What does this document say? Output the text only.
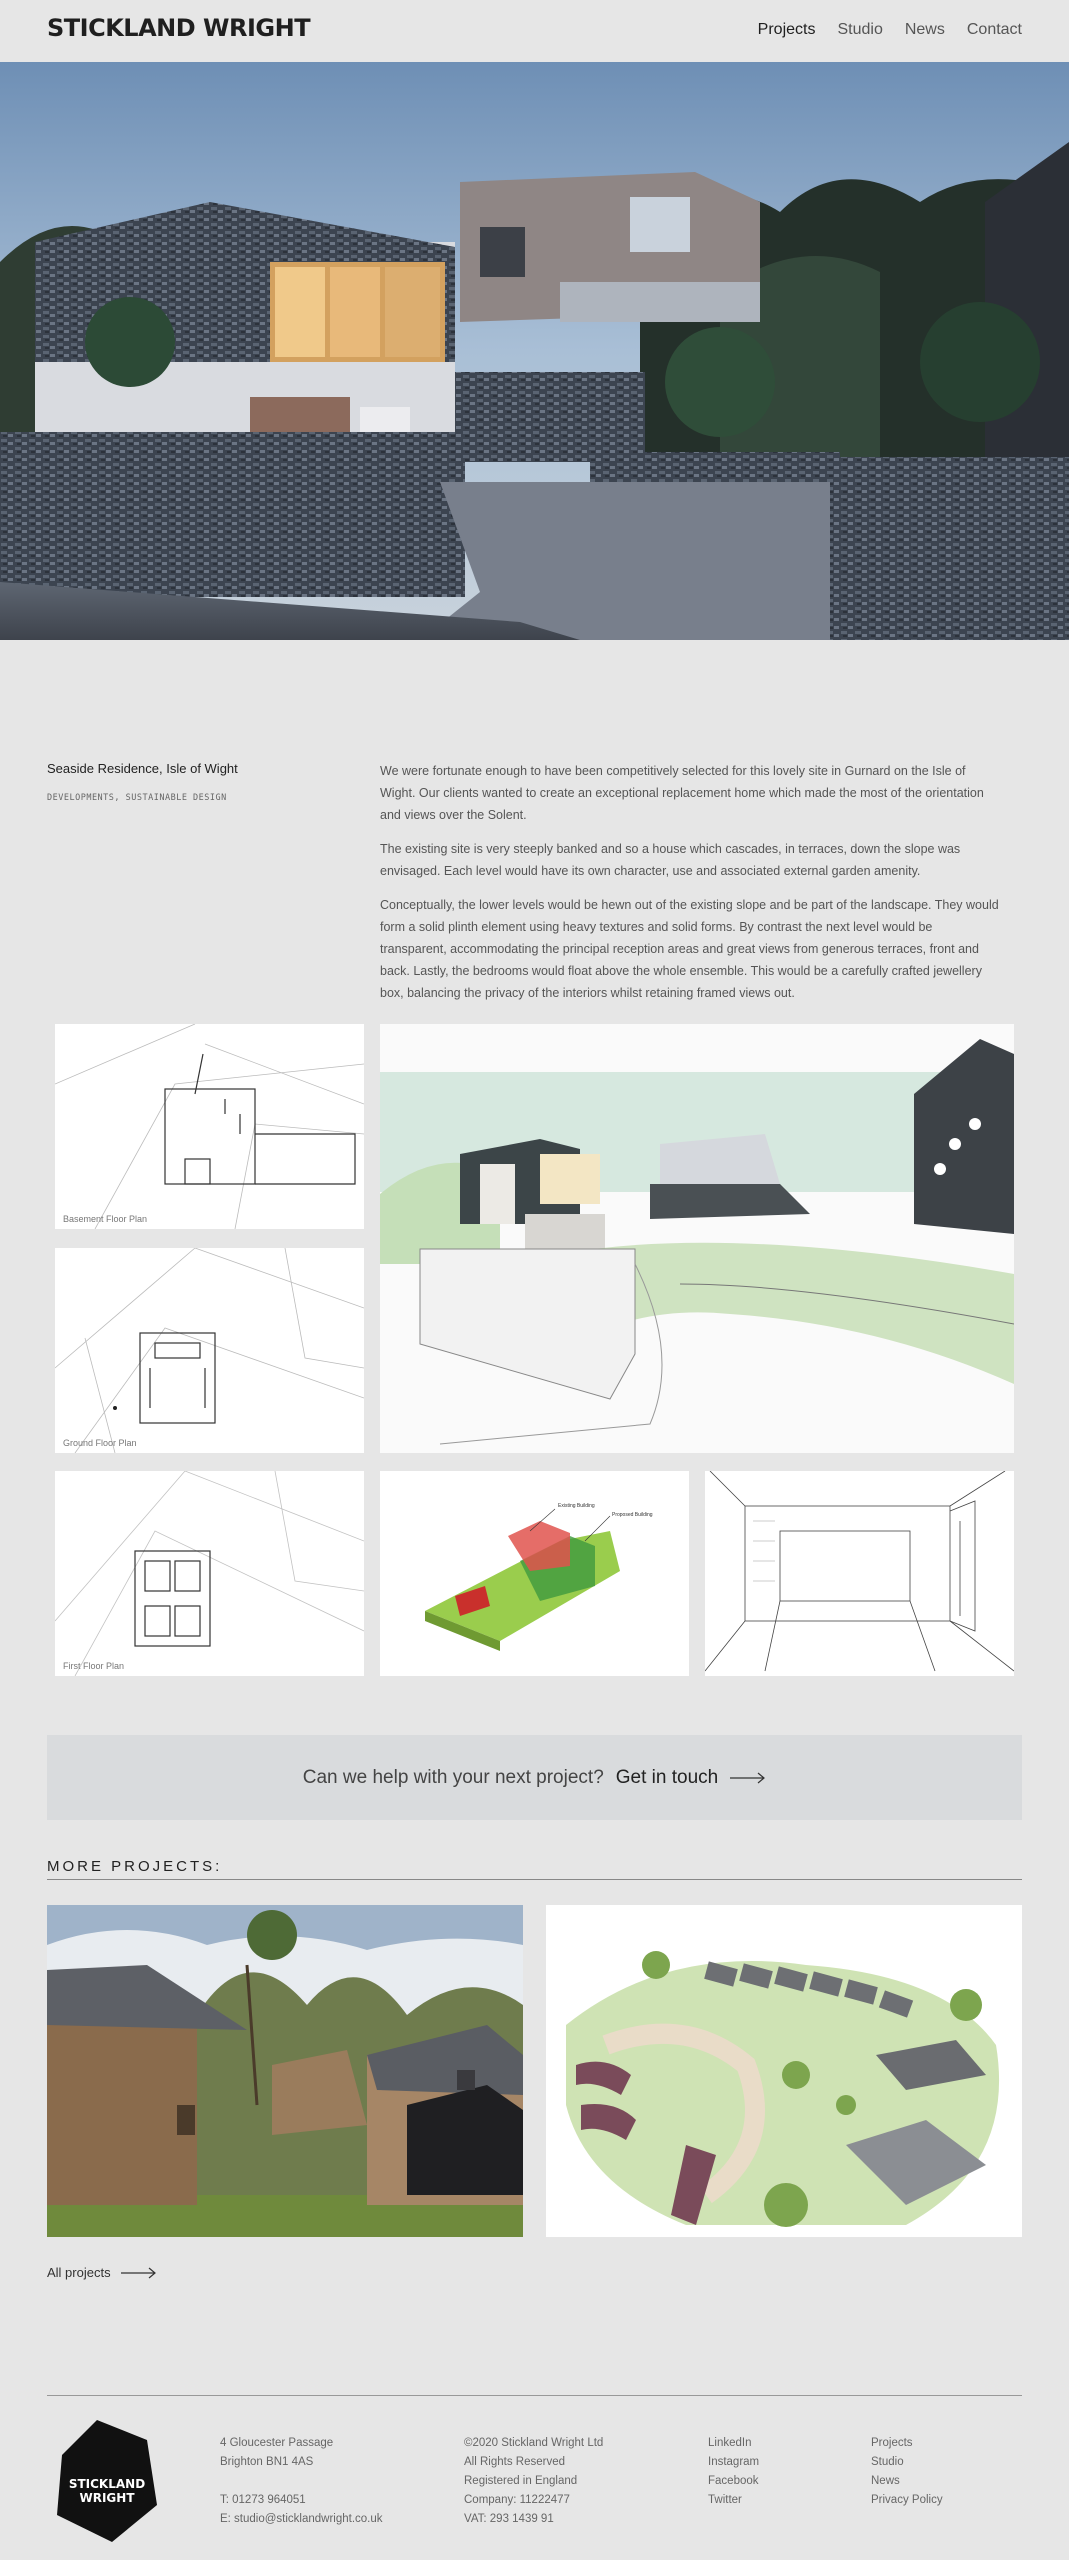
STICKLAND WRIGHT	Projects Studio News Contact
Seaside Residence, Isle of Wight
DEVELOPMENTS, SUSTAINABLE DESIGN

We were fortunate enough to have been competitively selected for this lovely site in Gurnard on the Isle of Wight. Our clients wanted to create an exceptional replacement home which made the most of the orientation and views over the Solent.

The existing site is very steeply banked and so a house which cascades, in terraces, down the slope was envisaged. Each level would have its own character, use and associated external garden amenity.

Conceptually, the lower levels would be hewn out of the existing slope and be part of the landscape. They would form a solid plinth element using heavy textures and solid forms. By contrast the next level would be transparent, accommodating the principal reception areas and great views from generous terraces, front and back. Lastly, the bedrooms would float above the whole ensemble. This would be a carefully crafted jewellery box, balancing the privacy of the interiors whilst retaining framed views out.

Basement Floor Plan
Ground Floor Plan
First Floor Plan
Existing Building
Proposed Building
Can we help with your next project? Get in touch
MORE PROJECTS:
All projects
STICKLAND
WRIGHT
4 Gloucester Passage
Brighton BN1 4AS
T: 01273 964051
E: studio@sticklandwright.co.uk
©2020 Stickland Wright Ltd
All Rights Reserved
Registered in England
Company: 11222477
VAT: 293 1439 91
LinkedIn
Instagram
Facebook
Twitter
Projects
Studio
News
Privacy Policy
